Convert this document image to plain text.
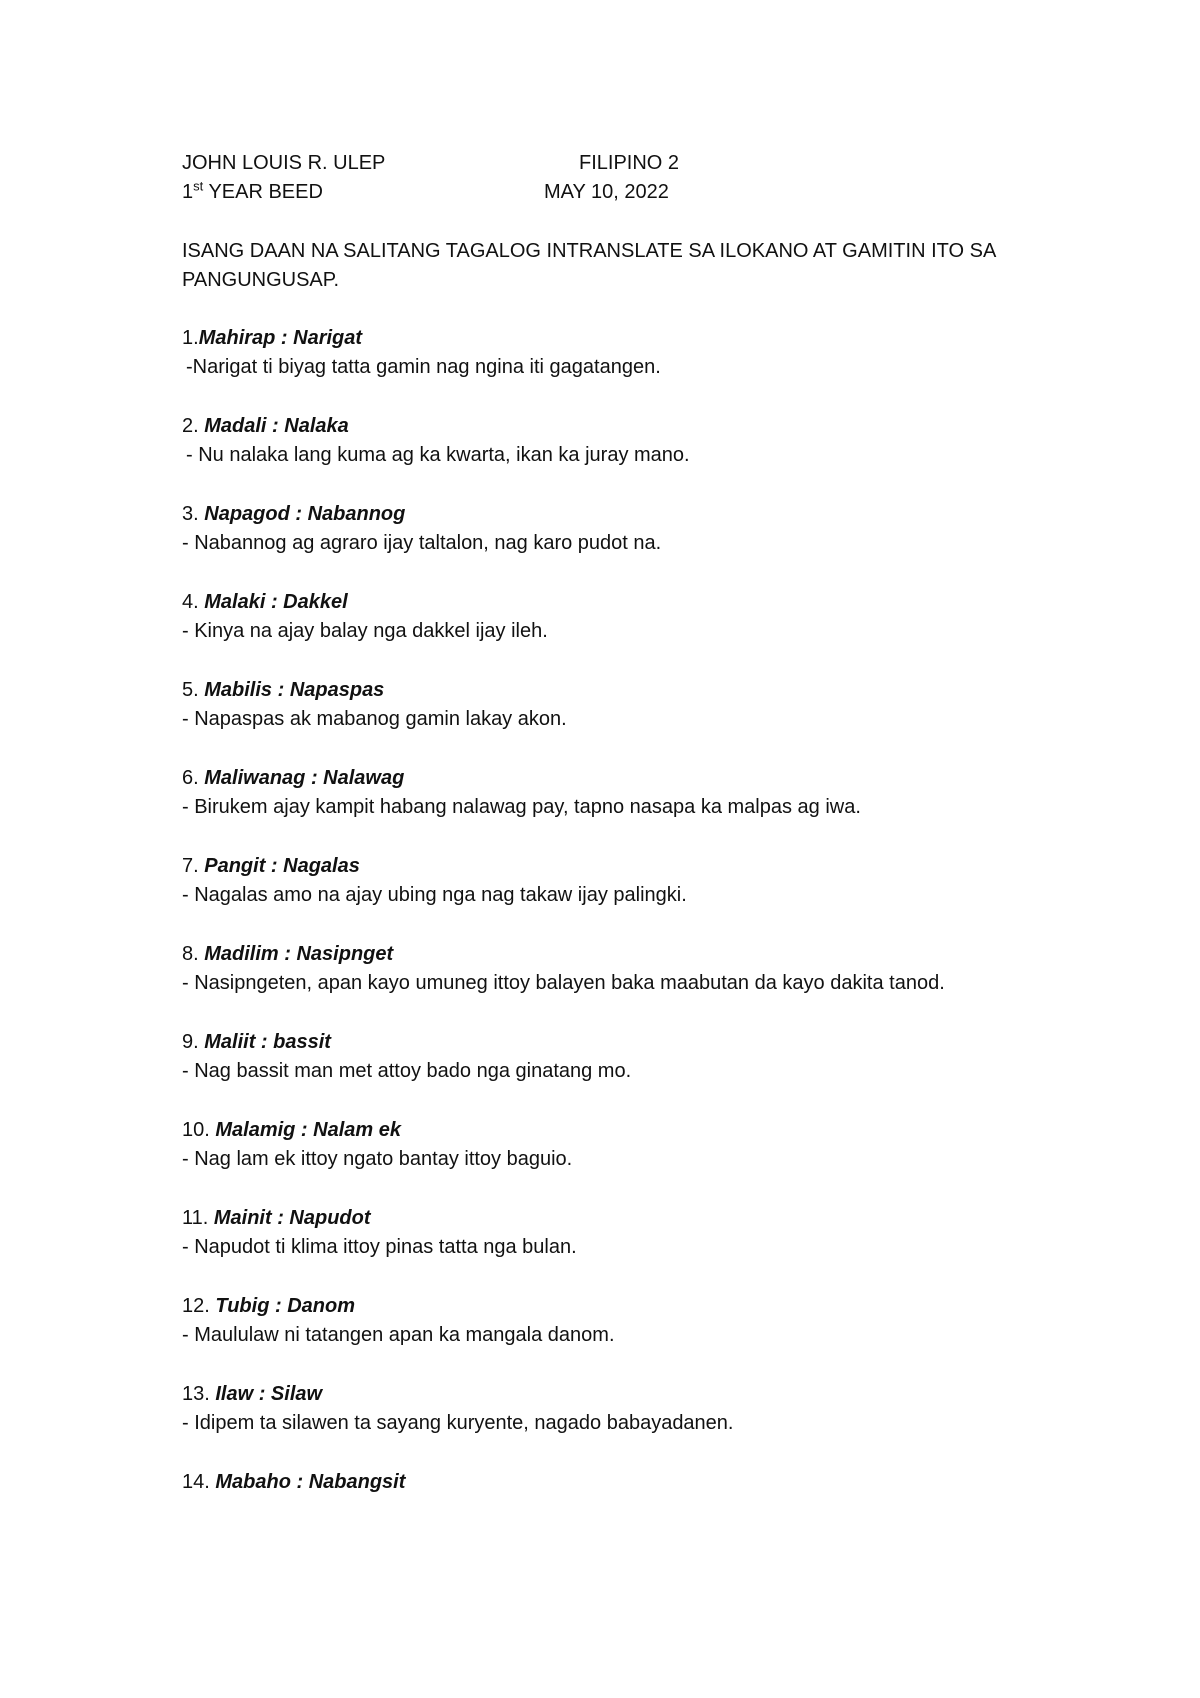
JOHN LOUIS R. ULEP	FILIPINO 2
1st YEAR BEED	MAY 10, 2022
ISANG DAAN NA SALITANG TAGALOG INTRANSLATE SA ILOKANO AT GAMITIN ITO SA PANGUNGUSAP.
1.Mahirap : Narigat
-Narigat ti biyag tatta gamin nag ngina iti gagatangen.
2. Madali : Nalaka
- Nu nalaka lang kuma ag ka kwarta, ikan ka juray mano.
3. Napagod : Nabannog
- Nabannog ag agraro ijay taltalon, nag karo pudot na.
4. Malaki : Dakkel
- Kinya na ajay balay nga dakkel ijay ileh.
5. Mabilis : Napaspas
- Napaspas ak mabanog gamin lakay akon.
6. Maliwanag : Nalawag
- Birukem ajay kampit habang nalawag pay, tapno nasapa ka malpas ag iwa.
7. Pangit : Nagalas
- Nagalas amo na ajay ubing nga nag takaw ijay palingki.
8. Madilim : Nasipnget
- Nasipngeten, apan kayo umuneg ittoy balayen baka maabutan da kayo dakita tanod.
9. Maliit : bassit
- Nag bassit man met attoy bado nga ginatang mo.
10. Malamig : Nalam ek
- Nag lam ek ittoy ngato bantay ittoy baguio.
11. Mainit : Napudot
- Napudot ti klima ittoy pinas tatta nga bulan.
12. Tubig : Danom
- Maululaw ni tatangen apan ka mangala danom.
13. Ilaw : Silaw
- Idipem ta silawen ta sayang kuryente, nagado babayadanen.
14. Mabaho : Nabangsit
